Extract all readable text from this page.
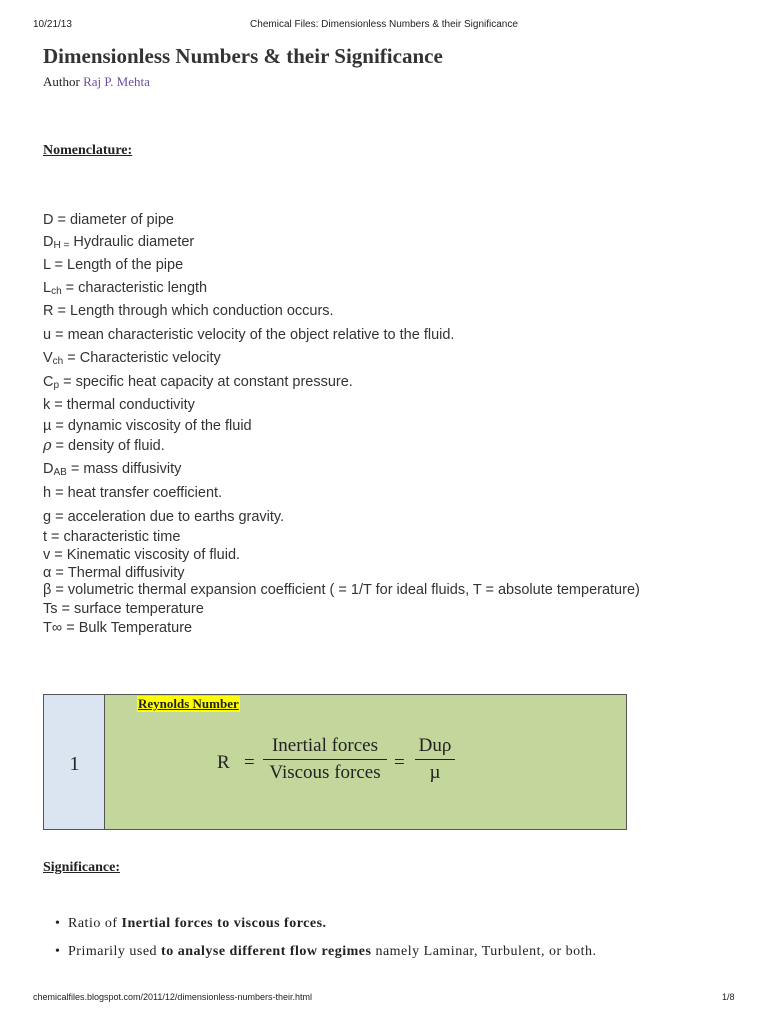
10/21/13	Chemical Files: Dimensionless Numbers & their Significance
Dimensionless Numbers & their Significance
Author Raj P. Mehta
Nomenclature:
D = diameter of pipe
$D_{H =}$ Hydraulic diameter
L = Length of the pipe
$L_{ch}$ = characteristic length
R = Length through which conduction occurs.
u = mean characteristic velocity of the object relative to the fluid.
$V_{ch}$ = Characteristic velocity
$C_p$ = specific heat capacity at constant pressure.
k = thermal conductivity
µ = dynamic viscosity of the fluid
ρ = density of fluid.
$D_{AB}$ = mass diffusivity
h = heat transfer coefficient.
g = acceleration due to earths gravity.
t = characteristic time
v = Kinematic viscosity of fluid.
α = Thermal diffusivity
β = volumetric thermal expansion coefficient ( = 1/T for ideal fluids, T = absolute temperature)
Ts = surface temperature
T∞ = Bulk Temperature
1
Reynolds Number
R =
Inertial forces
Viscous forces =
Duρ
µ
Significance:
• Ratio of Inertial forces to viscous forces.
• Primarily used to analyse different flow regimes namely Laminar, Turbulent, or both.
chemicalfiles.blogspot.com/2011/12/dimensionless-numbers-their.html	1/8
